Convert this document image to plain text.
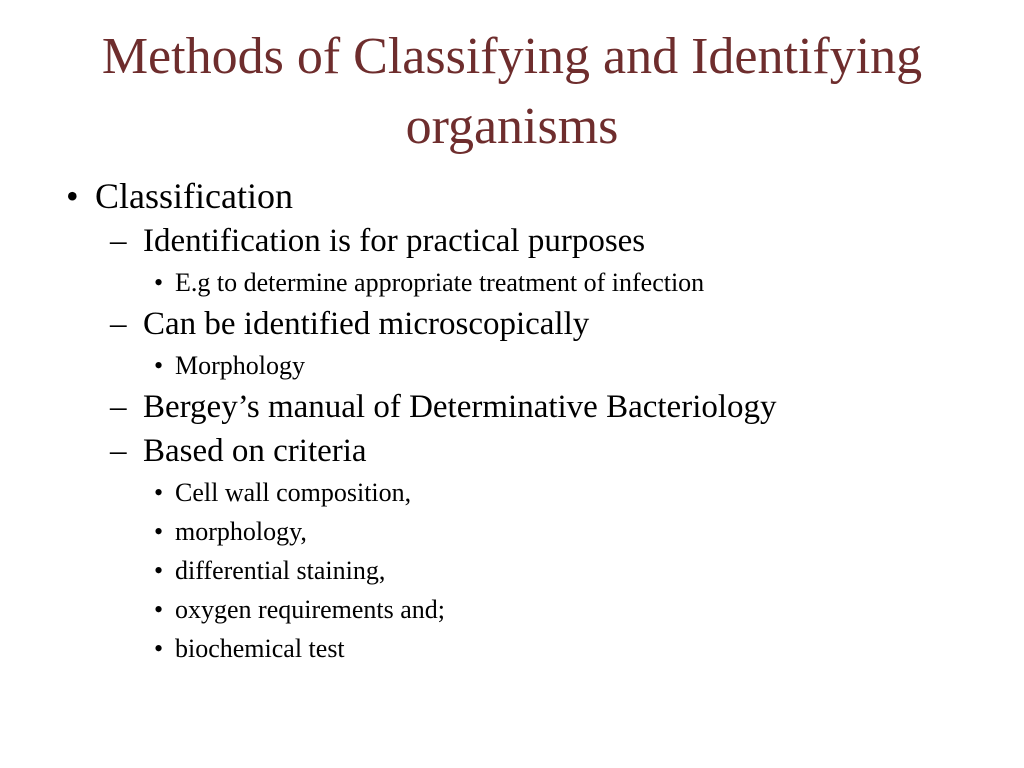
Methods of Classifying and Identifying
organisms
• Classification
– Identification is for practical purposes
• E.g to determine appropriate treatment of infection
– Can be identified microscopically
• Morphology
– Bergey’s manual of Determinative Bacteriology
– Based on criteria
• Cell wall composition,
• morphology,
• differential staining,
• oxygen requirements and;
• biochemical test
